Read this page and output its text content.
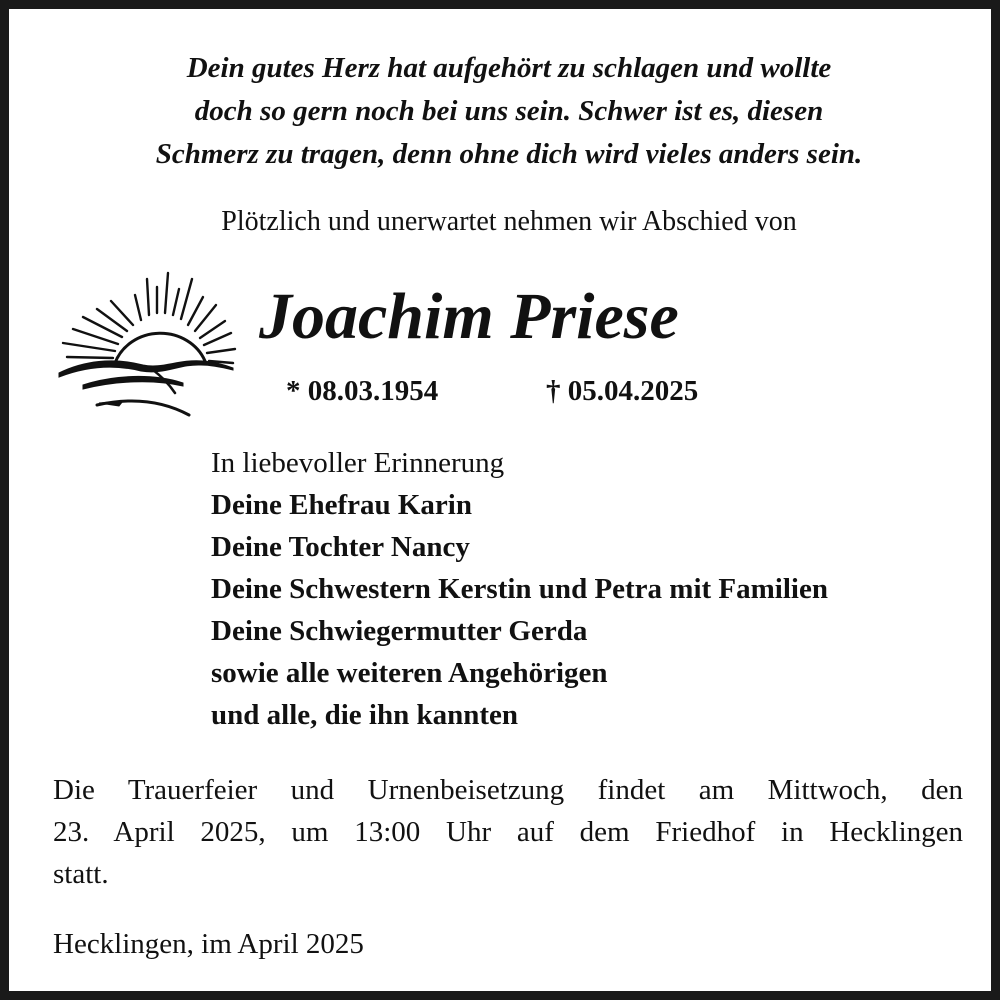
Dein gutes Herz hat aufgehört zu schlagen und wollte
doch so gern noch bei uns sein. Schwer ist es, diesen
Schmerz zu tragen, denn ohne dich wird vieles anders sein.
Plötzlich und unerwartet nehmen wir Abschied von
Joachim Priese
* 08.03.1954	† 05.04.2025
In liebevoller Erinnerung
Deine Ehefrau Karin
Deine Tochter Nancy
Deine Schwestern Kerstin und Petra mit Familien
Deine Schwiegermutter Gerda
sowie alle weiteren Angehörigen
und alle, die ihn kannten
Die Trauerfeier und Urnenbeisetzung findet am Mittwoch, den
23. April 2025, um 13:00 Uhr auf dem Friedhof in Hecklingen
statt.
Hecklingen, im April 2025
